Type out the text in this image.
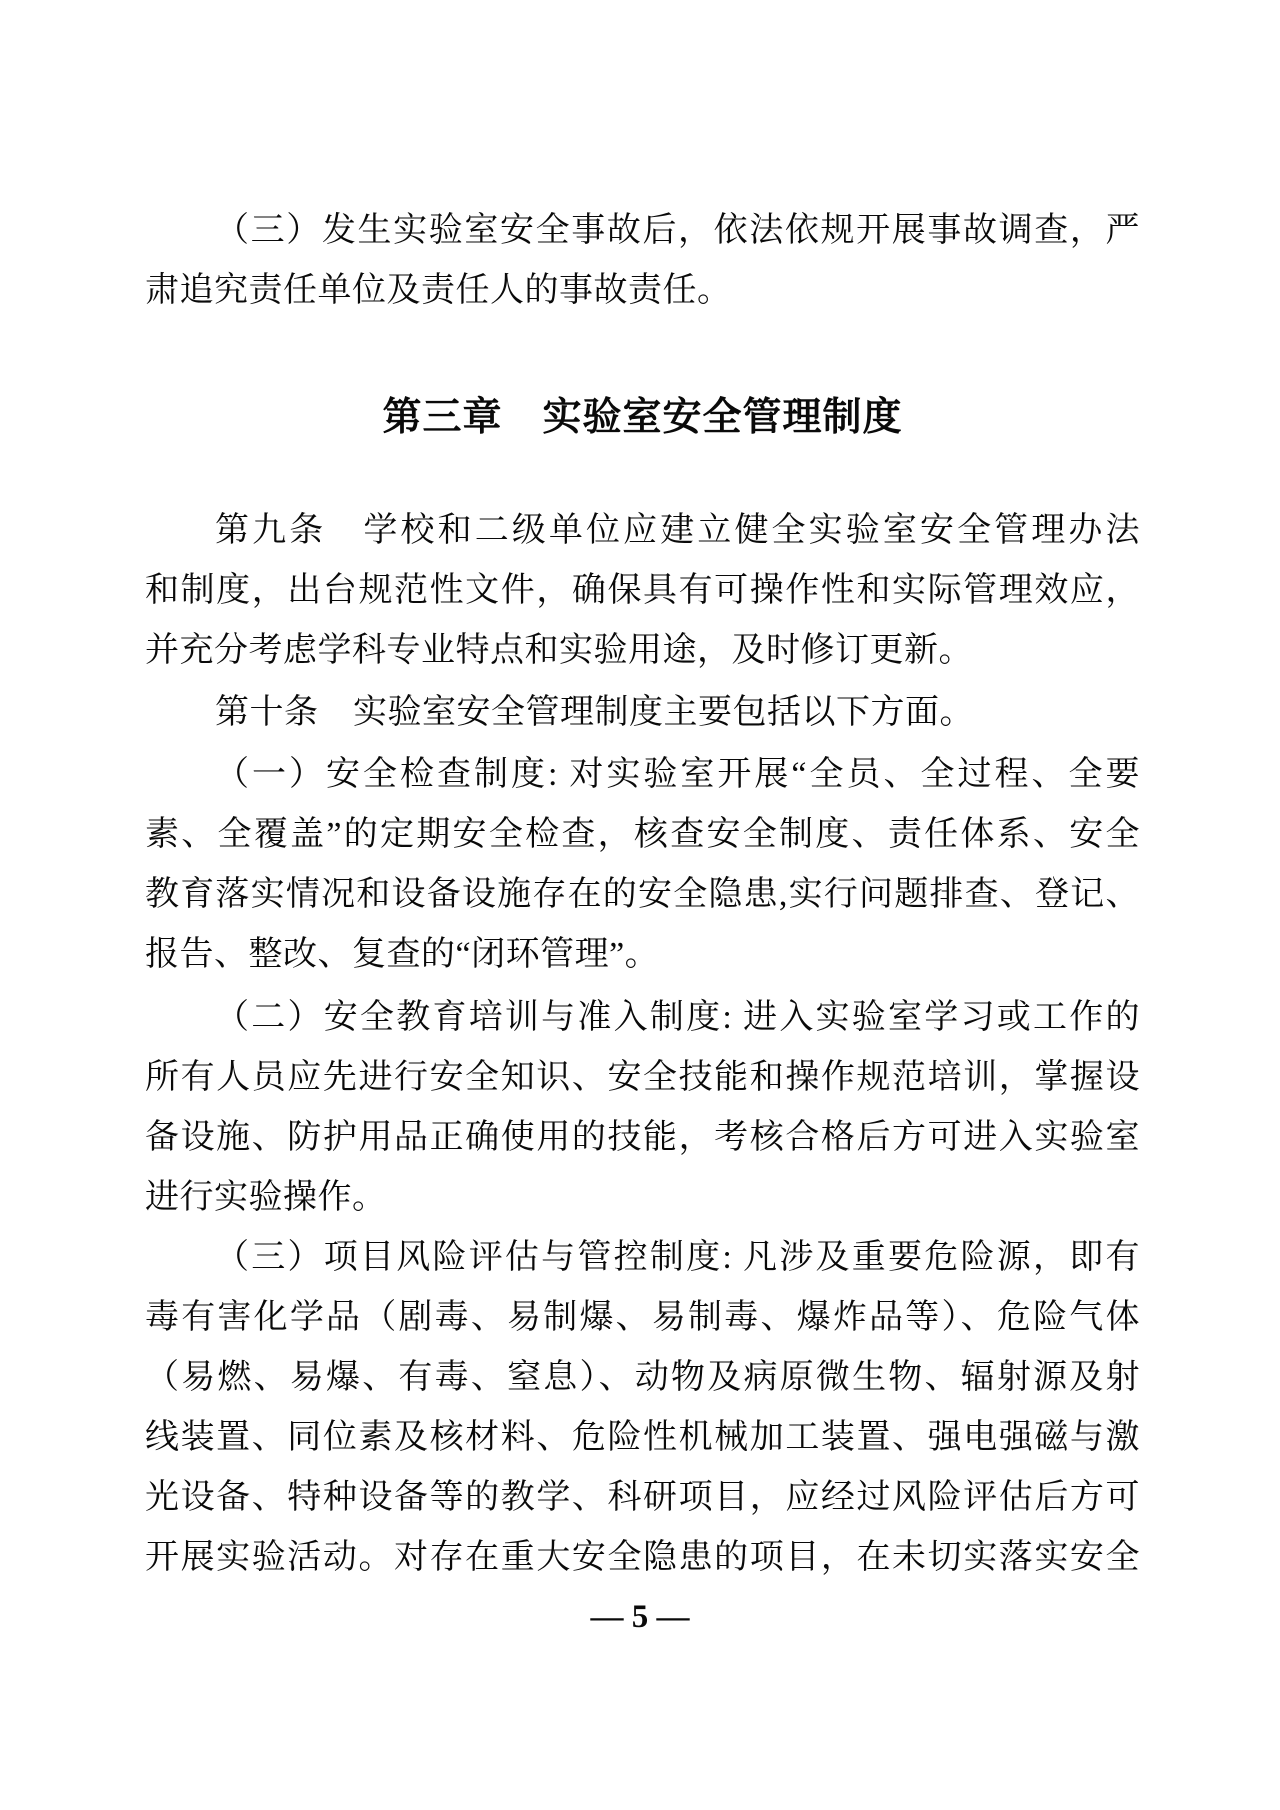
（三）发生实验室安全事故后，依法依规开展事故调查，严
肃追究责任单位及责任人的事故责任。
第三章　实验室安全管理制度
第九条　学校和二级单位应建立健全实验室安全管理办法
和制度，出台规范性文件，确保具有可操作性和实际管理效应，
并充分考虑学科专业特点和实验用途，及时修订更新。
第十条　实验室安全管理制度主要包括以下方面。
（一）安全检查制度: 对实验室开展“全员、全过程、全要
素、全覆盖”的定期安全检查，核查安全制度、责任体系、安全
教育落实情况和设备设施存在的安全隐患,实行问题排查、登记、
报告、整改、复查的“闭环管理”。
（二）安全教育培训与准入制度: 进入实验室学习或工作的
所有人员应先进行安全知识、安全技能和操作规范培训，掌握设
备设施、防护用品正确使用的技能，考核合格后方可进入实验室
进行实验操作。
（三）项目风险评估与管控制度: 凡涉及重要危险源，即有
毒有害化学品（剧毒、易制爆、易制毒、爆炸品等）、危险气体
（易燃、易爆、有毒、窒息）、动物及病原微生物、辐射源及射
线装置、同位素及核材料、危险性机械加工装置、强电强磁与激
光设备、特种设备等的教学、科研项目，应经过风险评估后方可
开展实验活动。对存在重大安全隐患的项目，在未切实落实安全
— 5 —
